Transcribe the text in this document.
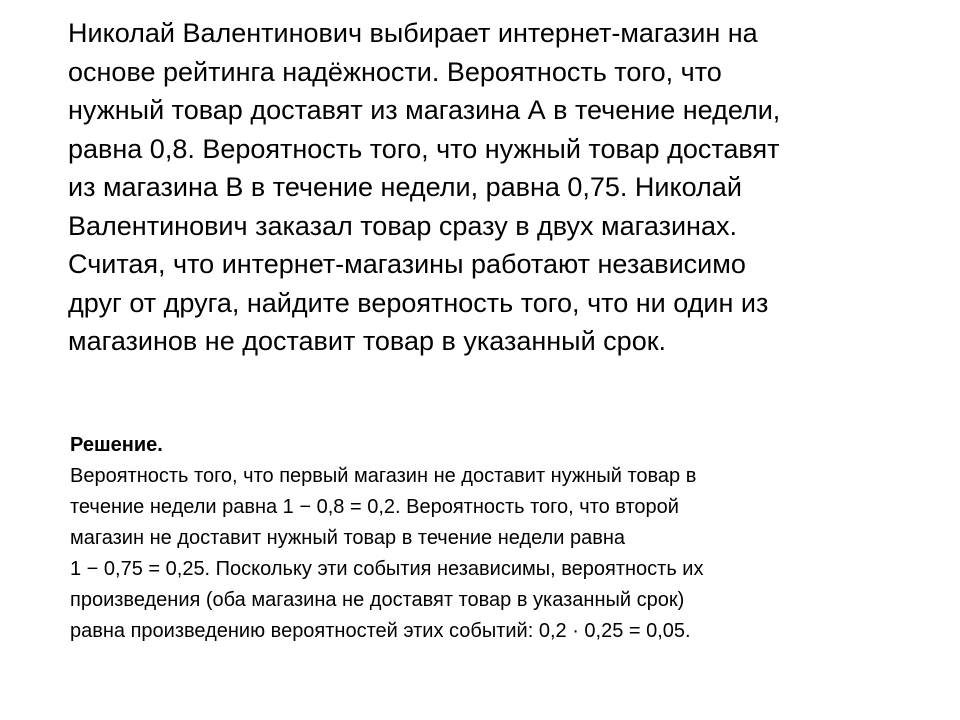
Николай Валентинович выбирает интернет-магазин на
основе рейтинга надёжности. Вероятность того, что
нужный товар доставят из магазина А в течение недели,
равна 0,8. Вероятность того, что нужный товар доставят
из магазина В в течение недели, равна 0,75. Николай
Валентинович заказал товар сразу в двух магазинах.
Считая, что интернет-магазины работают независимо
друг от друга, найдите вероятность того, что ни один из
магазинов не доставит товар в указанный срок.
Решение.
Вероятность того, что первый магазин не доставит нужный товар в
течение недели равна 1 − 0,8 = 0,2. Вероятность того, что второй
магазин не доставит нужный товар в течение недели равна
1 − 0,75 = 0,25. Поскольку эти события независимы, вероятность их
произведения (оба магазина не доставят товар в указанный срок)
равна произведению вероятностей этих событий: 0,2 · 0,25 = 0,05.
